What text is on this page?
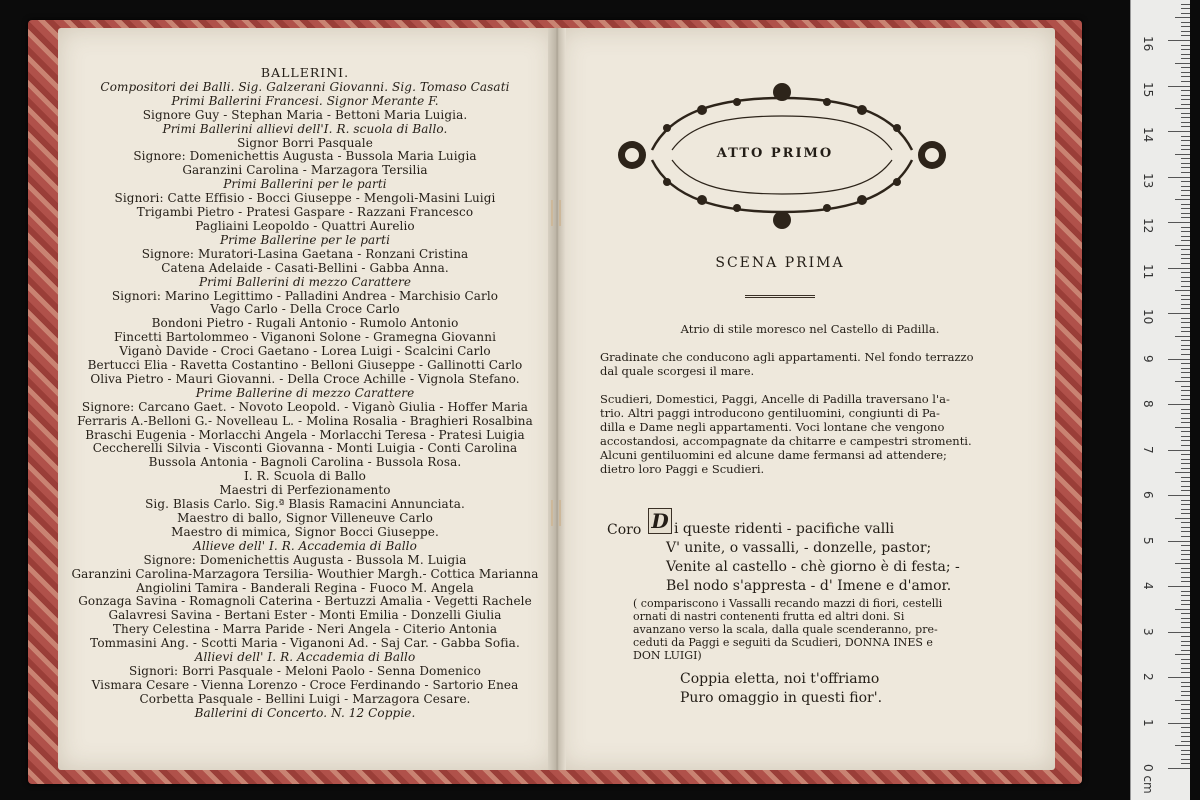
BALLERINI.
Compositori dei Balli. Sig. Galzerani Giovanni. Sig. Tomaso Casati
Primi Ballerini Francesi. Signor Merante F.
Signore Guy - Stephan Maria - Bettoni Maria Luigia.
Primi Ballerini allievi dell'I. R. scuola di Ballo.
Signor Borri Pasquale
Signore: Domenichettis Augusta - Bussola Maria Luigia
Garanzini Carolina - Marzagora Tersilia
Primi Ballerini per le parti
Signori: Catte Effisio - Bocci Giuseppe - Mengoli-Masini Luigi
Trigambi Pietro - Pratesi Gaspare - Razzani Francesco
Pagliaini Leopoldo - Quattri Aurelio
Prime Ballerine per le parti
Signore: Muratori-Lasina Gaetana - Ronzani Cristina
Catena Adelaide - Casati-Bellini - Gabba Anna.
Primi Ballerini di mezzo Carattere
Signori: Marino Legittimo - Palladini Andrea - Marchisio Carlo
Vago Carlo - Della Croce Carlo
Bondoni Pietro - Rugali Antonio - Rumolo Antonio
Fincetti Bartolommeo - Viganoni Solone - Gramegna Giovanni
Viganò Davide - Croci Gaetano - Lorea Luigi - Scalcini Carlo
Bertucci Elia - Ravetta Costantino - Belloni Giuseppe - Gallinotti Carlo
Oliva Pietro - Mauri Giovanni. - Della Croce Achille - Vignola Stefano.
Prime Ballerine di mezzo Carattere
Signore: Carcano Gaet. - Novoto Leopold. - Viganò Giulia - Hoffer Maria
Ferraris A.-Belloni G.- Novelleau L. - Molina Rosalia - Braghieri Rosalbina
Braschi Eugenia - Morlacchi Angela - Morlacchi Teresa - Pratesi Luigia
Ceccherelli Silvia - Visconti Giovanna - Monti Luigia - Conti Carolina
Bussola Antonia - Bagnoli Carolina - Bussola Rosa.
I. R. Scuola di Ballo
Maestri di Perfezionamento
Sig. Blasis Carlo. Sig.ª Blasis Ramacini Annunciata.
Maestro di ballo, Signor Villeneuve Carlo
Maestro di mimica, Signor Bocci Giuseppe.
Allieve dell' I. R. Accademia di Ballo
Signore: Domenichettis Augusta - Bussola M. Luigia
Garanzini Carolina-Marzagora Tersilia- Wouthier Margh.- Cottica Marianna
Angiolini Tamira - Banderali Regina - Fuoco M. Angela
Gonzaga Savina - Romagnoli Caterina - Bertuzzi Amalia - Vegetti Rachele
Galavresi Savina - Bertani Ester - Monti Emilia - Donzelli Giulia
Thery Celestina - Marra Paride - Neri Angela - Citerio Antonia
Tommasini Ang. - Scotti Maria - Viganoni Ad. - Saj Car. - Gabba Sofia.
Allievi dell' I. R. Accademia di Ballo
Signori: Borri Pasquale - Meloni Paolo - Senna Domenico
Vismara Cesare - Vienna Lorenzo - Croce Ferdinando - Sartorio Enea
Corbetta Pasquale - Bellini Luigi - Marzagora Cesare.
Ballerini di Concerto. N. 12 Coppie.
ATTO PRIMO
SCENA PRIMA
Atrio di stile moresco nel Castello di Padilla.
Gradinate che conducono agli appartamenti. Nel fondo terrazzo
dal quale scorgesi il mare.
Scudieri, Domestici, Paggi, Ancelle di Padilla traversano l'a-
trio. Altri paggi introducono gentiluomini, congiunti di Pa-
dilla e Dame negli appartamenti. Voci lontane che vengono
accostandosi, accompagnate da chitarre e campestri stromenti.
Alcuni gentiluomini ed alcune dame fermansi ad attendere;
dietro loro Paggi e Scudieri.
Coro D i queste ridenti - pacifiche valli
V' unite, o vassalli, - donzelle, pastor;
Venite al castello - chè giorno è di festa; -
Bel nodo s'appresta - d' Imene e d'amor.
( compariscono i Vassalli recando mazzi di fiori, cestelli
ornati di nastri contenenti frutta ed altri doni. Si
avanzano verso la scala, dalla quale scenderanno, pre-
ceduti da Paggi e seguiti da Scudieri, DONNA INES e
DON LUIGI)
Coppia eletta, noi t'offriamo
Puro omaggio in questi fior'.
0 cm
1
2
3
4
5
6
7
8
9
10
11
12
13
14
15
16
